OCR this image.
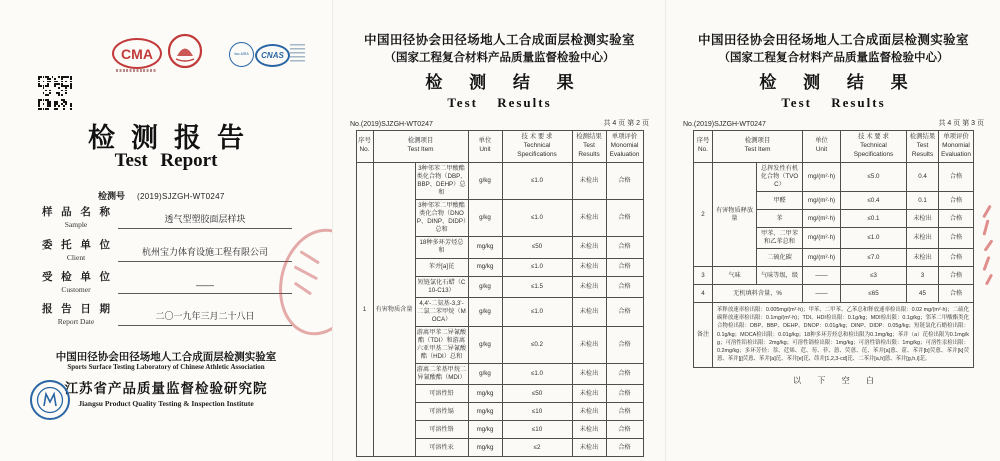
CMA	ilac-MRA CNAS
检测报告
Test Report
检测号 (2019)SJZGH-WT0247
样品名称
Sample
透气型塑胶面层样块
委托单位
Client
杭州宝力体育设施工程有限公司
受检单位
Customer	——
报告日期
Report Date
二〇一九年三月二十八日
中国田径协会田径场地人工合成面层检测实验室
Sports Surface Testing Laboratory of Chinese Athletic Association
江苏省产品质量监督检验研究院
Jiangsu Product Quality Testing & Inspection Institute
中国田径协会田径场地人工合成面层检测实验室
（国家工程复合材料产品质量监督检验中心）
检 测 结 果
Test Results
No.(2019)SJZGH-WT0247	共 4 页 第 2 页
序号
No.	检测项目
Test Item		单位
Unit	技 术 要 求
Technical
Specifications	检测结果
Test
Results	单项评价
Monomial
Evaluation
1	有害物质含量	3种邻苯二甲酸酯类化合物（DBP、BBP、DEHP）总和	g/kg	≤1.0	未检出	合格
		3种邻苯二甲酸酯类化合物（DNOP、DINP、DIDP）总和	g/kg	≤1.0	未检出	合格
		18种多环芳烃总和	mg/kg	≤50	未检出	合格
		苯并[a]芘	mg/kg	≤1.0	未检出	合格
		短链氯化石蜡（C10-C13）	g/kg	≤1.5	未检出	合格
		4,4'-二氨基-3,3'-二氯二苯甲烷（MOCA）	g/kg	≤1.0	未检出	合格
		游离甲苯二异氰酸酯（TDI）和游离六亚甲基二异氰酸酯（HDI）总和	g/kg	≤0.2	未检出	合格
		游离二苯基甲烷二异氰酸酯（MDI）	g/kg	≤1.0	未检出	合格
		可溶性铅	mg/kg	≤50	未检出	合格
		可溶性镉	mg/kg	≤10	未检出	合格
		可溶性铬	mg/kg	≤10	未检出	合格
		可溶性汞	mg/kg	≤2	未检出	合格
中国田径协会田径场地人工合成面层检测实验室
（国家工程复合材料产品质量监督检验中心）
检 测 结 果
Test Results
No.(2019)SJZGH-WT0247	共 4 页 第 3 页
序号
No.	检测项目
Test Item		单位
Unit	技 术 要 求
Technical
Specifications	检测结果
Test
Results	单项评价
Monomial
Evaluation
2	有害物质释放量	总挥发性有机化合物（TVOC）	mg/(m²·h)	≤5.0	0.4	合格
		甲醛	mg/(m²·h)	≤0.4	0.1	合格
		苯	mg/(m²·h)	≤0.1	未检出	合格
		甲苯、二甲苯和乙苯总和	mg/(m²·h)	≤1.0	未检出	合格
		二硫化碳	mg/(m²·h)	≤7.0	未检出	合格
3	气味	气味等级，级	——	≤3	3	合格
4	无机填料含量，%		——	≤65	45	合格
备注	苯释放速率检出限：0.005mg/(m²·h)；甲苯、二甲苯、乙苯总和释放速率检出限：0.02 mg/(m²·h)；二硫化碳释放速率检出限：0.1mg/(m²·h)；TDI、HDI检出限：0.1g/kg；MDI检出限：0.1g/kg；邻苯二甲酸酯类化合物检出限：DBP、BBP、DEHP、DNOP：0.01g/kg；DINP、DIDP：0.05g/kg；短链氯化石蜡检出限：0.1g/kg；MOCA检出限：0.01g/kg；18种多环芳烃总和检出限为0.1mg/kg；苯并（a）芘检出限为0.1mg/kg；可溶性铅检出限：2mg/kg；可溶性镉检出限：1mg/kg；可溶性铬检出限：1mg/kg；可溶性汞检出限：0.2mg/kg；多环芳烃：萘、苊烯、苊、芴、菲、蒽、荧蒽、芘、苯并[a]蒽、䓛、苯并[b]荧蒽、苯并[k]荧蒽、苯并[j]荧蒽、苯并[a]芘、苯并[e]芘、茚并[1,2,3-cd]芘、二苯并[a,h]蒽、苯并[g,h,i]苝。					
以 下 空 白
